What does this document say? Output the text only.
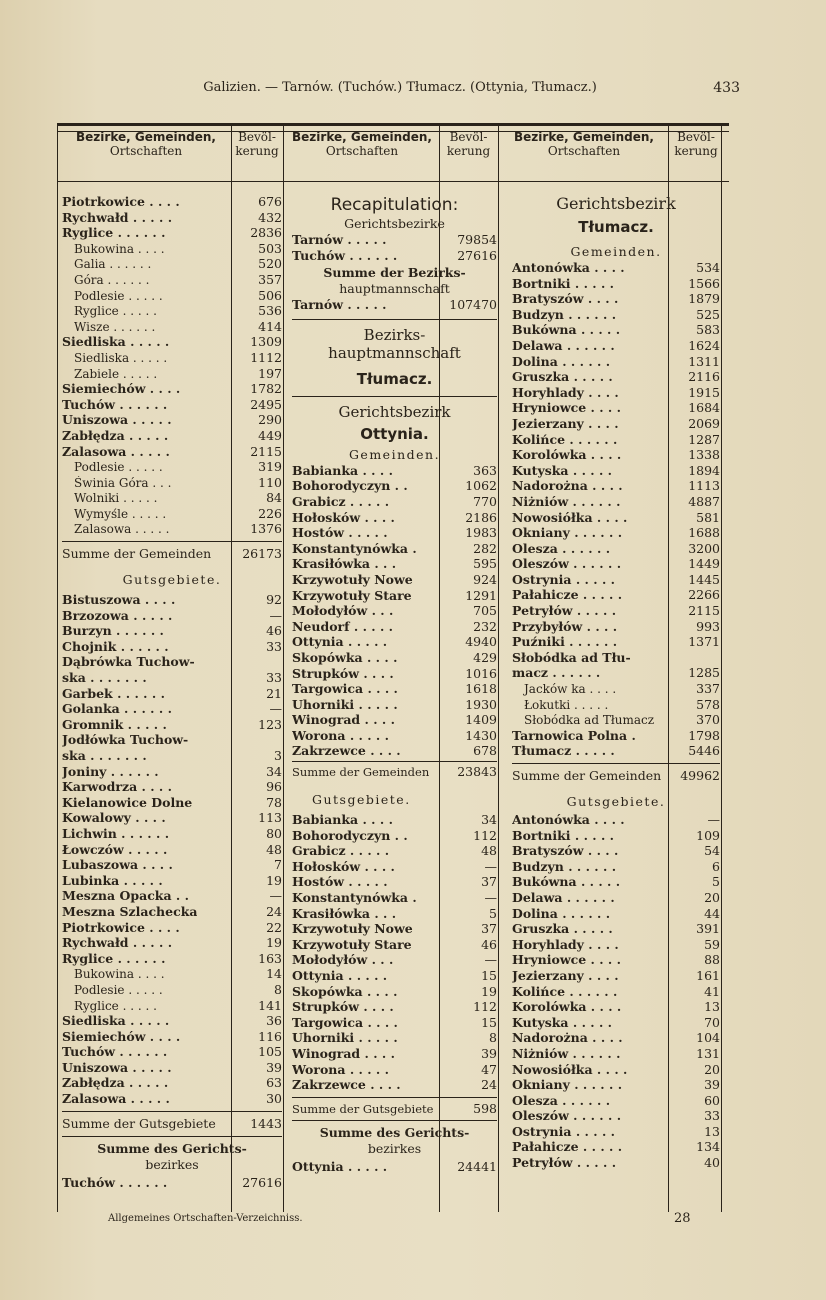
Galizien. — Tarnów. (Tuchów.) Tłumacz. (Ottynia, Tłumacz.)	433
Bezirke, Gemeinden,
Ortschaften
Bevöl-
kerung
Bezirke, Gemeinden,
Ortschaften
Bevöl-
kerung
Bezirke, Gemeinden,
Ortschaften
Bevöl-
kerung
Piotrkowice . . . .	676
Rychwałd . . . . .	432
Ryglice . . . . . .	2836
Bukowina . . . .	503
Galia . . . . . .	520
Góra . . . . . .	357
Podlesie . . . . .	506
Ryglice . . . . .	536
Wisze . . . . . .	414
Siedliska . . . . .	1309
Siedliska . . . . .	1112
Zabiele . . . . .	197
Siemiechów . . . .	1782
Tuchów . . . . . .	2495
Uniszowa . . . . .	290
Zabłędza . . . . .	449
Zalasowa . . . . .	2115
Podlesie . . . . .	319
Świnia Góra . . .	110
Wolniki . . . . .	84
Wymyśle . . . . .	226
Zalasowa . . . . .	1376
Summe der Gemeinden 26173
Gutsgebiete.
Bistuszowa . . . .	92
Brzozowa . . . . .	—
Burzyn . . . . . .	46
Chojnik . . . . . .	33
Dąbrówka Tuchow-
ska . . . . . . .	33
Garbek . . . . . .	21
Golanka . . . . . .	—
Gromnik . . . . .	123
Jodłówka Tuchow-
ska . . . . . . .	3
Joniny . . . . . .	34
Karwodrza . . . .	96
Kielanowice Dolne	78
Kowalowy . . . .	113
Lichwin . . . . . .	80
Łowczów . . . . .	48
Lubaszowa . . . .	7
Lubinka . . . . .	19
Meszna Opacka . .	—
Meszna Szlachecka	24
Piotrkowice . . . .	22
Rychwałd . . . . .	19
Ryglice . . . . . .	163
Bukowina . . . .	14
Podlesie . . . . .	8
Ryglice . . . . .	141
Siedliska . . . . .	36
Siemiechów . . . .	116
Tuchów . . . . . .	105
Uniszowa . . . . .	39
Zabłędza . . . . .	63
Zalasowa . . . . .	30
Summe der Gutsgebiete	1443
Summe des Gerichts-
bezirkes
Tuchów . . . . . .	27616
Recapitulation:
Gerichtsbezirke
Tarnów . . . . .	79854
Tuchów . . . . . .	27616
Summe der Bezirks-
hauptmannschaft
Tarnów . . . . .	107470
Bezirks-
hauptmannschaft
Tłumacz.
Gerichtsbezirk
Ottynia.
Gemeinden.
Babianka . . . .	363
Bohorodyczyn . .	1062
Grabicz . . . . .	770
Hołosków . . . .	2186
Hostów . . . . .	1983
Konstantynówka .	282
Krasiłówka . . .	595
Krzywotuły Nowe	924
Krzywotuły Stare	1291
Mołodyłów . . .	705
Neudorf . . . . .	232
Ottynia . . . . .	4940
Skopówka . . . .	429
Strupków . . . .	1016
Targowica . . . .	1618
Uhorniki . . . . .	1930
Winograd . . . .	1409
Worona . . . . .	1430
Zakrzewce . . . .	678
Summe der Gemeinden 23843
Gutsgebiete.
Babianka . . . .	34
Bohorodyczyn . .	112
Grabicz . . . . .	48
Hołosków . . . .	—
Hostów . . . . .	37
Konstantynówka .	—
Krasiłówka . . .	5
Krzywotuły Nowe	37
Krzywotuły Stare	46
Mołodyłów . . .	—
Ottynia . . . . .	15
Skopówka . . . .	19
Strupków . . . .	112
Targowica . . . .	15
Uhorniki . . . . .	8
Winograd . . . .	39
Worona . . . . .	47
Zakrzewce . . . .	24
Summe der Gutsgebiete	598
Summe des Gerichts-
bezirkes
Ottynia . . . . .	24441
Gerichtsbezirk
Tłumacz.
Gemeinden.
Antonówka . . . .	534
Bortniki . . . . .	1566
Bratyszów . . . .	1879
Budzyn . . . . . .	525
Bukówna . . . . .	583
Delawa . . . . . .	1624
Dolina . . . . . .	1311
Gruszka . . . . .	2116
Horyhlady . . . .	1915
Hryniowce . . . .	1684
Jezierzany . . . .	2069
Kolińce . . . . . .	1287
Korolówka . . . .	1338
Kutyska . . . . .	1894
Nadorożna . . . .	1113
Niżniów . . . . . .	4887
Nowosiółka . . . .	581
Okniany . . . . . .	1688
Olesza . . . . . .	3200
Oleszów . . . . . .	1449
Ostrynia . . . . .	1445
Pałahicze . . . . .	2266
Petryłów . . . . .	2115
Przybyłów . . . .	993
Puźniki . . . . . .	1371
Słobódka ad Tłu-
macz . . . . . .	1285
Jacków ka . . . .	337
Łokutki . . . . .	578
Słobódka ad Tłumacz	370
Tarnowica Polna .	1798
Tłumacz . . . . .	5446
Summe der Gemeinden 49962
Gutsgebiete.
Antonówka . . . .	—
Bortniki . . . . .	109
Bratyszów . . . .	54
Budzyn . . . . . .	6
Bukówna . . . . .	5
Delawa . . . . . .	20
Dolina . . . . . .	44
Gruszka . . . . .	391
Horyhlady . . . .	59
Hryniowce . . . .	88
Jezierzany . . . .	161
Kolińce . . . . . .	41
Korolówka . . . .	13
Kutyska . . . . .	70
Nadorożna . . . .	104
Niżniów . . . . . .	131
Nowosiółka . . . .	20
Okniany . . . . . .	39
Olesza . . . . . .	60
Oleszów . . . . . .	33
Ostrynia . . . . .	13
Pałahicze . . . . .	134
Petryłów . . . . .	40
Allgemeines Ortschaften-Verzeichniss.	28
